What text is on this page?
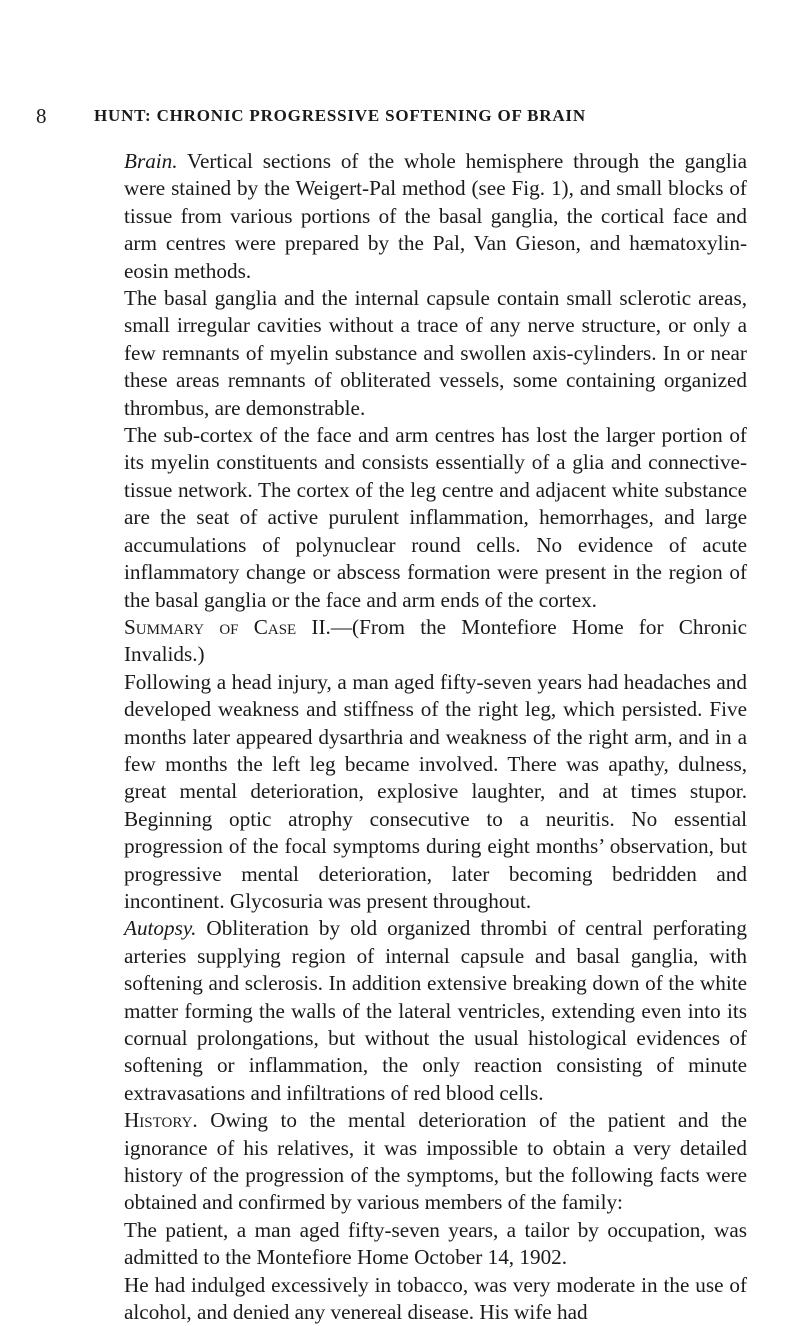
8	HUNT: CHRONIC PROGRESSIVE SOFTENING OF BRAIN

Brain. Vertical sections of the whole hemisphere through the ganglia were stained by the Weigert-Pal method (see Fig. 1), and small blocks of tissue from various portions of the basal ganglia, the cortical face and arm centres were prepared by the Pal, Van Gieson, and hæmatoxylin-eosin methods.

The basal ganglia and the internal capsule contain small sclerotic areas, small irregular cavities without a trace of any nerve structure, or only a few remnants of myelin substance and swollen axis-cylinders. In or near these areas remnants of obliterated vessels, some containing organized thrombus, are demonstrable.

The sub-cortex of the face and arm centres has lost the larger portion of its myelin constituents and consists essentially of a glia and connective-tissue network. The cortex of the leg centre and adjacent white substance are the seat of active purulent inflammation, hemorrhages, and large accumulations of polynuclear round cells. No evidence of acute inflammatory change or abscess formation were present in the region of the basal ganglia or the face and arm ends of the cortex.

Summary of Case II.—(From the Montefiore Home for Chronic Invalids.)

Following a head injury, a man aged fifty-seven years had headaches and developed weakness and stiffness of the right leg, which persisted. Five months later appeared dysarthria and weakness of the right arm, and in a few months the left leg became involved. There was apathy, dulness, great mental deterioration, explosive laughter, and at times stupor. Beginning optic atrophy consecutive to a neuritis. No essential progression of the focal symptoms during eight months’ observation, but progressive mental deterioration, later becoming bedridden and incontinent. Glycosuria was present throughout.

Autopsy. Obliteration by old organized thrombi of central perforating arteries supplying region of internal capsule and basal ganglia, with softening and sclerosis. In addition extensive breaking down of the white matter forming the walls of the lateral ventricles, extending even into its cornual prolongations, but without the usual histological evidences of softening or inflammation, the only reaction consisting of minute extravasations and infiltrations of red blood cells.

History. Owing to the mental deterioration of the patient and the ignorance of his relatives, it was impossible to obtain a very detailed history of the progression of the symptoms, but the following facts were obtained and confirmed by various members of the family:

The patient, a man aged fifty-seven years, a tailor by occupation, was admitted to the Montefiore Home October 14, 1902.

He had indulged excessively in tobacco, was very moderate in the use of alcohol, and denied any venereal disease. His wife had
